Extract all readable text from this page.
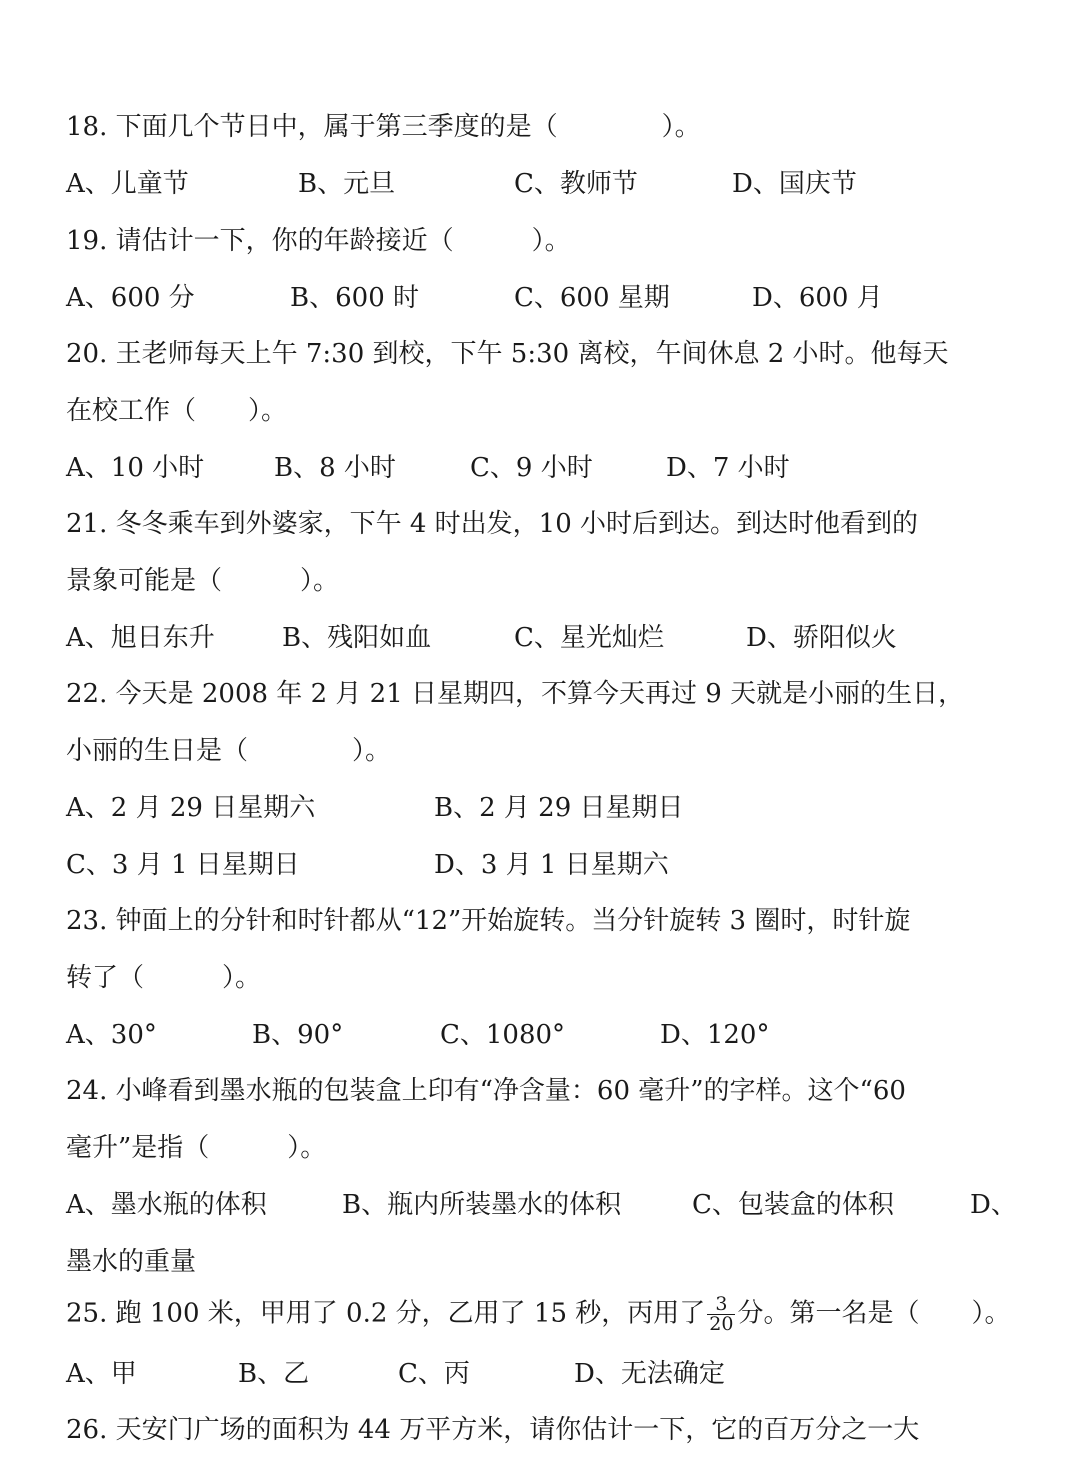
18. 下面几个节日中，属于第三季度的是（　　　　）。
A、儿童节	B、元旦	C、教师节	D、国庆节
19. 请估计一下，你的年龄接近（　　　）。
A、600 分	B、600 时	C、600 星期	D、600 月
20. 王老师每天上午 7:30 到校，下午 5:30 离校，午间休息 2 小时。他每天
在校工作（　　）。
A、10 小时	B、8 小时	C、9 小时	D、7 小时
21. 冬冬乘车到外婆家，下午 4 时出发，10 小时后到达。到达时他看到的
景象可能是（　　　）。
A、旭日东升	B、残阳如血	C、星光灿烂	D、骄阳似火
22. 今天是 2008 年 2 月 21 日星期四，不算今天再过 9 天就是小丽的生日，
小丽的生日是（　　　　）。
A、2 月 29 日星期六	B、2 月 29 日星期日
C、3 月 1 日星期日	D、3 月 1 日星期六
23. 钟面上的分针和时针都从“12”开始旋转。当分针旋转 3 圈时，时针旋
转了（　　　）。
A、30°	B、90°	C、1080°	D、120°
24. 小峰看到墨水瓶的包装盒上印有“净含量：60 毫升”的字样。这个“60
毫升”是指（　　　）。
A、墨水瓶的体积	B、瓶内所装墨水的体积	C、包装盒的体积	D、
墨水的重量
25. 跑 100 米，甲用了 0.2 分，乙用了 15 秒，丙用了 $\frac{3}{20}$ 分。第一名是（　　）。
A、甲	B、乙	C、丙	D、无法确定
26. 天安门广场的面积为 44 万平方米，请你估计一下，它的百万分之一大
